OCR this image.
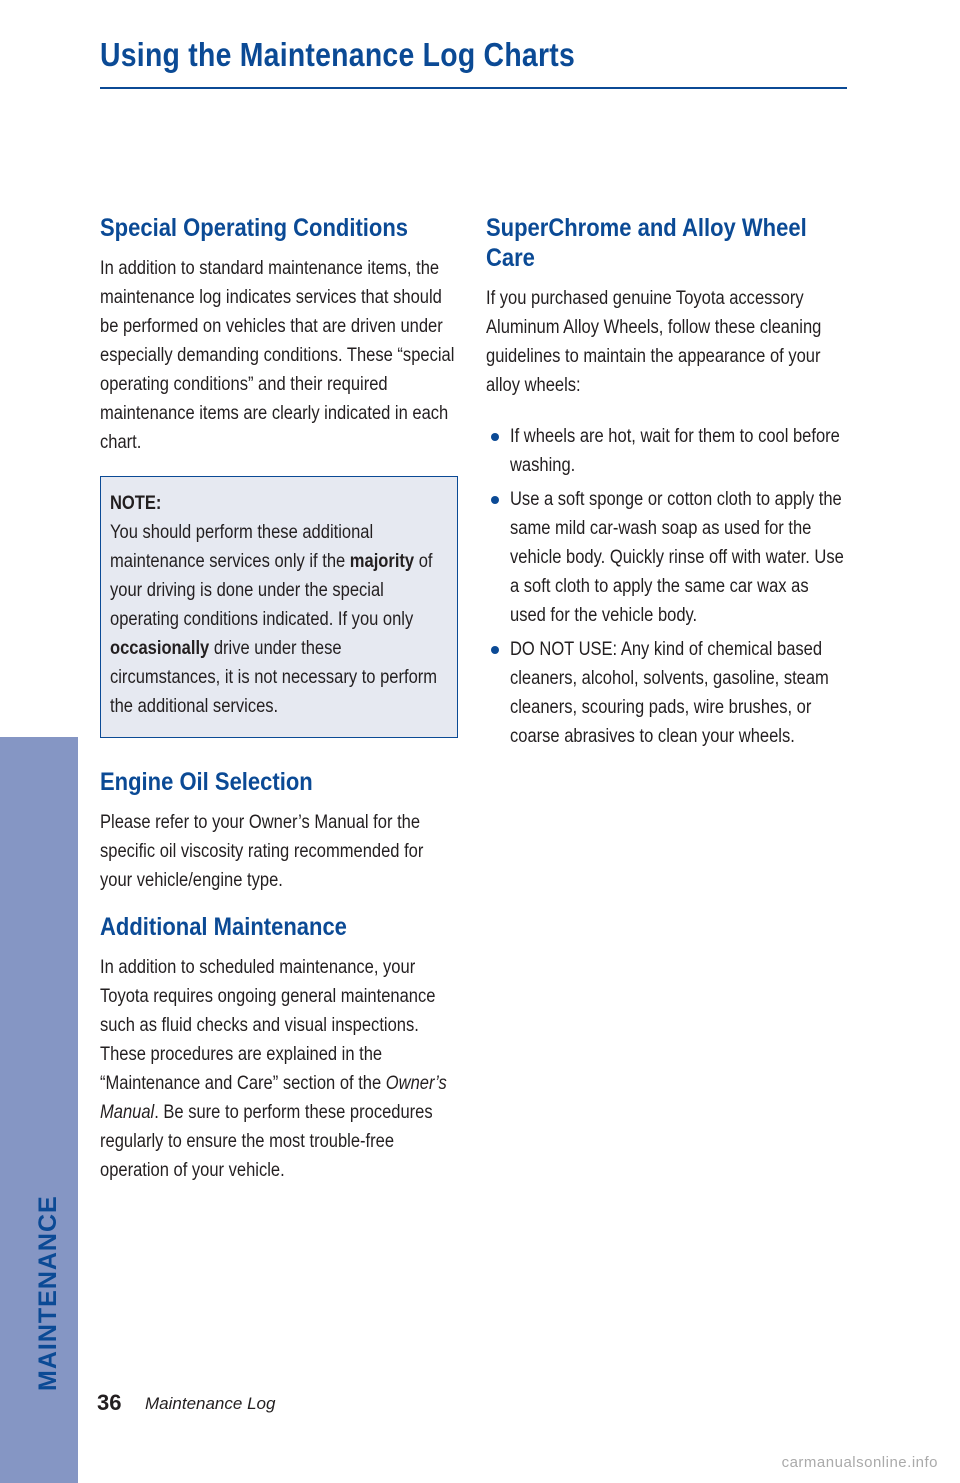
Using the Maintenance Log Charts
Special Operating Conditions

In addition to standard maintenance items, the maintenance log indicates services that should be performed on vehicles that are driven under especially demanding conditions. These “special operating conditions” and their required maintenance items are clearly indicated in each chart.

NOTE:
You should perform these additional maintenance services only if the majority of your driving is done under the special operating conditions indicated. If you only occasionally drive under these circumstances, it is not necessary to perform the additional services.
Engine Oil Selection

Please refer to your Owner’s Manual for the specific oil viscosity rating recommended for your vehicle/engine type.

Additional Maintenance

In addition to scheduled maintenance, your Toyota requires ongoing general maintenance such as fluid checks and visual inspections. These procedures are explained in the “Maintenance and Care” section of the Owner’s Manual. Be sure to perform these procedures regularly to ensure the most trouble-free operation of your vehicle.

SuperChrome and Alloy Wheel Care

If you purchased genuine Toyota accessory Aluminum Alloy Wheels, follow these cleaning guidelines to maintain the appearance of your alloy wheels:

If wheels are hot, wait for them to cool before washing.

Use a soft sponge or cotton cloth to apply the same mild car-wash soap as used for the vehicle body. Quickly rinse off with water. Use a soft cloth to apply the same car wax as used for the vehicle body.

DO NOT USE: Any kind of chemical based cleaners, alcohol, solvents, gasoline, steam cleaners, scouring pads, wire brushes, or coarse abrasives to clean your wheels.

MAINTENANCE
36 Maintenance Log
carmanualsonline.info
